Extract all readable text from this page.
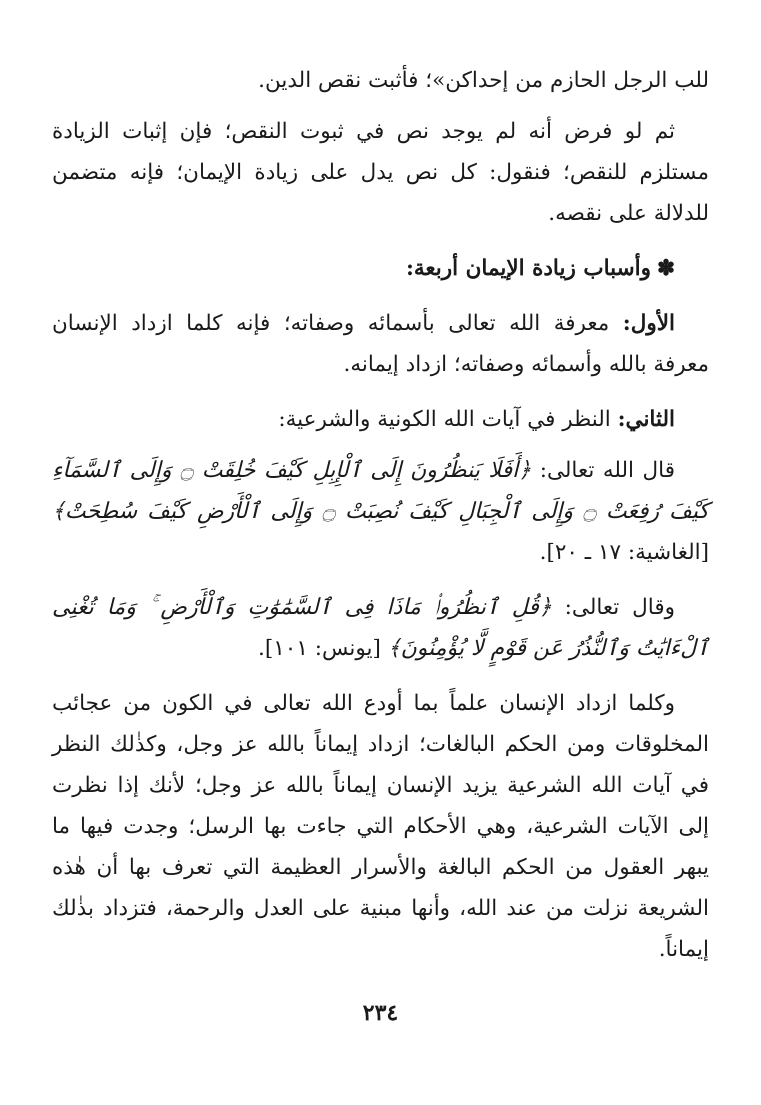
للب الرجل الحازم من إحداكن»؛ فأثبت نقص الدين.

ثم لو فرض أنه لم يوجد نص في ثبوت النقص؛ فإن إثبات الزيادة مستلزم للنقص؛ فنقول: كل نص يدل على زيادة الإيمان؛ فإنه متضمن للدلالة على نقصه.

✽وأسباب زيادة الإيمان أربعة:

الأول: معرفة الله تعالى بأسمائه وصفاته؛ فإنه كلما ازداد الإنسان معرفة بالله وأسمائه وصفاته؛ ازداد إيمانه.

الثاني: النظر في آيات الله الكونية والشرعية:

قال الله تعالى: ﴿أَفَلَا يَنظُرُونَ إِلَى ٱلْإِبِلِ كَيْفَ خُلِقَتْ ۝ وَإِلَى ٱلسَّمَآءِ كَيْفَ رُفِعَتْ ۝ وَإِلَى ٱلْجِبَالِ كَيْفَ نُصِبَتْ ۝ وَإِلَى ٱلْأَرْضِ كَيْفَ سُطِحَتْ﴾ [الغاشية: ١٧ ـ ٢٠].

وقال تعالى: ﴿قُلِ ٱنظُرُوا۟ مَاذَا فِى ٱلسَّمَٰوَٰتِ وَٱلْأَرْضِ ۚ وَمَا تُغْنِى ٱلْءَايَٰتُ وَٱلنُّذُرُ عَن قَوْمٍ لَّا يُؤْمِنُونَ﴾ [يونس: ١٠١].

وكلما ازداد الإنسان علماً بما أودع الله تعالى في الكون من عجائب المخلوقات ومن الحكم البالغات؛ ازداد إيماناً بالله عز وجل، وكذٰلك النظر في آيات الله الشرعية يزيد الإنسان إيماناً بالله عز وجل؛ لأنك إذا نظرت إلى الآيات الشرعية، وهي الأحكام التي جاءت بها الرسل؛ وجدت فيها ما يبهر العقول من الحكم البالغة والأسرار العظيمة التي تعرف بها أن هٰذه الشريعة نزلت من عند الله، وأنها مبنية على العدل والرحمة، فتزداد بذٰلك إيماناً.

٢٣٤
